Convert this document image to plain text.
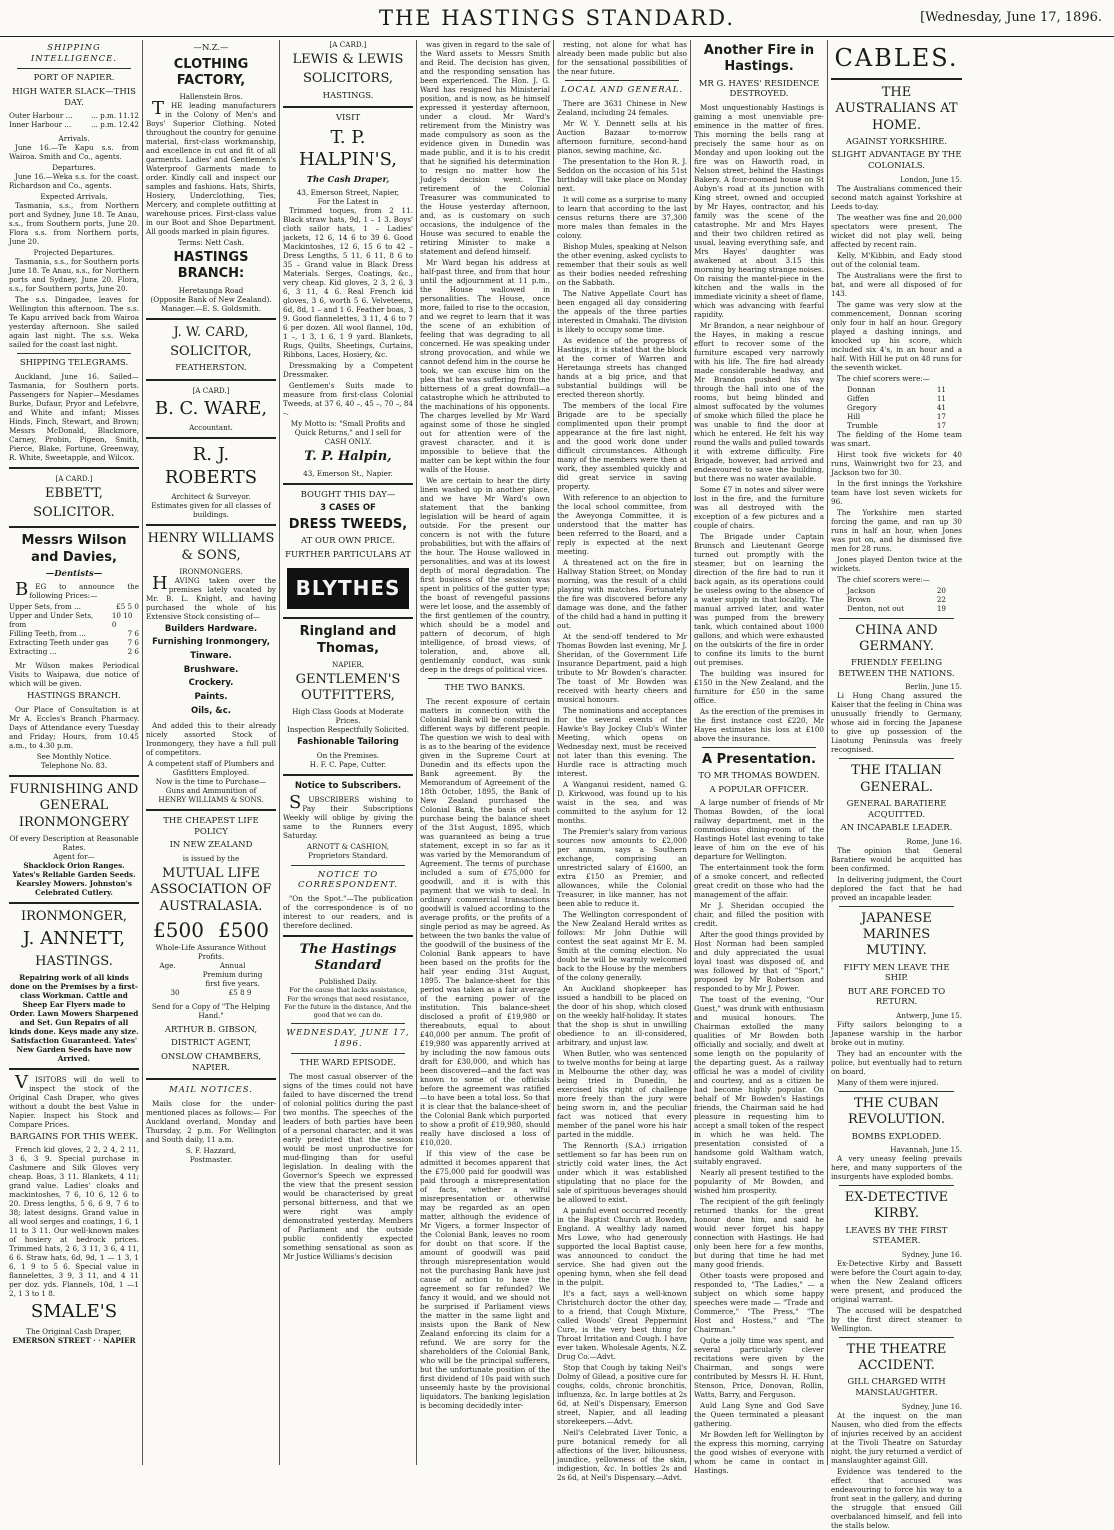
THE HASTINGS STANDARD.	[Wednesday, June 17, 1896.
SHIPPING INTELLIGENCE.
PORT OF NAPIER.
HIGH WATER SLACK—THIS DAY.
Outer Harbour ...	... p.m. 11.12
Inner Harbour ...	... p.m. 12.42
Arrivals.
June 16.—Te Kapu s.s. from Wairoa. Smith and Co., agents.
Departures.
June 16.—Weka s.s. for the coast. Richardson and Co., agents.
Expected Arrivals.
Tasmania, s.s., from Northern port and Sydney, June 18. Te Anau, s.s., from Southern ports, June 20. Flora s.s. from Northern ports, June 20.
Projected Departures.
Tasmania, s.s., for Southern ports June 18. Te Anau, s.s., for Northern ports and Sydney, June 20. Flora, s.s., for Southern ports, June 20.
The s.s. Dingadee, leaves for Wellington this afternoon. The s.s. Te Kapu arrived back from Wairoa yesterday afternoon. She sailed again last night. The s.s. Weka sailed for the coast last night.
SHIPPING TELEGRAMS.
Auckland, June 16. Sailed—Tasmania, for Southern ports. Passengers for Napier—Mesdames Burke, Dufaur, Pryor and Lefebvre, and White and infant; Misses Hinds, Finch, Stewart, and Brown; Messrs McDonald, Blackmore, Carney, Probin, Pigeon, Smith, Pierce, Blake, Fortune, Greenway, R. White, Sweetapple, and Wilcox.
[A CARD.]
EBBETT,
SOLICITOR.
Messrs Wilson and Davies,
—Dentists—
BEG to announce the following Prices:—
Upper Sets, from ...	£5 5 0
Upper and Under Sets, from
10 10 0
Filling Teeth, from ...	7 6
Extracting Teeth under gas	7 6
Extracting ...	2 6
Mr Wilson makes Periodical Visits to Waipawa, due notice of which will be given.
HASTINGS BRANCH.
Our Place of Consultation is at Mr A. Eccles's Branch Pharmacy. Days of Attendance every Tuesday and Friday; Hours, from 10.45 a.m., to 4.30 p.m.
See Monthly Notice.
Telephone No. 83.
FURNISHING AND GENERAL IRONMONGERY
Of every Description at Reasonable Rates.
Agent for—
Shacklock Orion Ranges. Yates's Reliable Garden Seeds. Kearsley Mowers. Johnston's Celebrated Cutlery.
IRONMONGER,
J. ANNETT,
HASTINGS.
Repairing work of all kinds done on the Premises by a first-class Workman. Cattle and Sheep Ear Flyers made to Order. Lawn Mowers Sharpened and Set. Gun Repairs of all kinds done. Keys made any size. Satisfaction Guaranteed. Yates' New Garden Seeds have now Arrived.
VISITORS will do well to inspect the stock of the Original Cash Draper, who gives without a doubt the best Value in Napier. Inspect his Stock and Compare Prices.
BARGAINS FOR THIS WEEK.
French kid gloves, 2 2, 2 4, 2 11, 3 6, 3 9. Special purchase in Cashmere and Silk Gloves very cheap. Boas, 3 11. Blankets, 4 11; grand value. Ladies' cloaks and mackintoshes, 7 6, 10 6, 12 6 to 20. Dress lengths, 5 6, 6 9, 7 6 to 38; latest designs. Grand value in all wool serges and coatings, 1 6, 1 11 to 3 11. Our well-known makes of hosiery at bedrock prices. Trimmed hats, 2 6, 3 11, 3 6, 4 11, 6 6. Straw hats, 6d, 9d, 1 — 1 3, 1 6, 1 9 to 5 6. Special value in flannelettes, 3 9, 3 11, and 4 11 per doz. yds. Flannels, 10d, 1 —1 2, 1 3 to 1 8.
SMALE'S
The Original Cash Draper,
EMERSON STREET · · NAPIER
—N.Z.—
CLOTHING FACTORY,
Hallenstein Bros.
THE leading manufacturers in the Colony of Men's and Boys' Superior Clothing. Noted throughout the country for genuine material, first-class workmanship, and excellence in cut and fit of all garments. Ladies' and Gentlemen's Waterproof Garments made to order. Kindly call and inspect our samples and fashions. Hats, Shirts, Hosiery, Underclothing, Ties, Mercery, and complete outfitting at warehouse prices. First-class value in our Boot and Shoe Department. All goods marked in plain figures.
Terms: Nett Cash.
HASTINGS BRANCH:
Heretaunga Road
(Opposite Bank of New Zealand).
Manager.—E. S. Goldsmith.
J. W. CARD,
SOLICITOR,
FEATHERSTON.
[A CARD.]
B. C. WARE,
Accountant.
R. J. ROBERTS
Architect & Surveyor.
Estimates given for all classes of buildings.
HENRY WILLIAMS & SONS,
IRONMONGERS.
HAVING taken over the premises lately vacated by Mr. B. L. Knight, and having purchased the whole of his Extensive Stock consisting of—
Builders Hardware.
Furnishing Ironmongery,
Tinware.
Brushware.
Crockery.
Paints.
Oils, &c.
And added this to their already nicely assorted Stock of Ironmongery, they have a full pull of competitors.
A competent staff of Plumbers and Gasfitters Employed.
Now is the time to Purchase—
Guns and Ammunition of
HENRY WILLIAMS & SONS.
THE CHEAPEST LIFE POLICY
IN NEW ZEALAND
is issued by the
MUTUAL LIFE ASSOCIATION OF AUSTRALASIA.
£500 £500
Whole-Life Assurance Without Profits.
Age.	Annual Premium during first five years.
30	£5 8 9
Send for a Copy of "The Helping Hand."
ARTHUR B. GIBSON,
DISTRICT AGENT,
ONSLOW CHAMBERS, NAPIER.
MAIL NOTICES.
Mails close for the under-mentioned places as follows:— For Auckland overland, Monday and Thursday, 2 p.m. For Wellington and South daily, 11 a.m.
S. F. Hazzard,
Postmaster.
[A CARD.]
LEWIS & LEWIS
SOLICITORS,
HASTINGS.
VISIT
T. P. HALPIN'S,
The Cash Draper,
43, Emerson Street, Napier,
For the Latest in
Trimmed toques, from 2 11. Black straw hats, 9d, 1 – 1 3. Boys' cloth sailor hats, 1 – Ladies' jackets, 12 6, 14 6 to 39 6. Good Mackintoshes, 12 6, 15 6 to 42 – Dress Lengths, 5 11, 6 11, 8 6 to 35 – Grand value in Black Dress Materials. Serges, Coatings, &c., very cheap. Kid gloves, 2 3, 2 6, 3 6, 3 11, 4 6. Real French kid gloves, 3 6, worth 5 6. Velveteens, 6d, 8d, 1 – and 1 6. Feather boas, 3 9. Good flannelettes, 3 11, 4 6 to 7 6 per dozen. All wool flannel, 10d, 1 –, 1 3, 1 6, 1 9 yard. Blankets, Rugs, Quilts, Sheetings, Curtains, Ribbons, Laces, Hosiery, &c.
Dressmaking by a Competent Dressmaker.
Gentlemen's Suits made to measure from first-class Colonial Tweeds, at 37 6, 40 –, 45 –, 70 –, 84 –.
My Motto is: "Small Profits and Quick Returns," and I sell for CASH ONLY.
T. P. Halpin,
43, Emerson St., Napier.
BOUGHT THIS DAY—
3 CASES OF
DRESS TWEEDS,
AT OUR OWN PRICE.
FURTHER PARTICULARS AT
BLYTHES
Ringland and Thomas,
NAPIER,
GENTLEMEN'S OUTFITTERS,
High Class Goods at Moderate Prices.
Inspection Respectfully Solicited.
Fashionable Tailoring
On the Premises.
H. F. C. Pape, Cutter.
Notice to Subscribers.
SUBSCRIBERS wishing to Pay their Subscriptions Weekly will oblige by giving the same to the Runners every Saturday.
ARNOTT & CASHION,
Proprietors Standard.
NOTICE TO CORRESPONDENT.
"On the Spot."—The publication of the correspondence is of no interest to our readers, and is therefore declined.
The Hastings Standard
Published Daily.
For the cause that lacks assistance, For the wrongs that need resistance, For the future in the distance, And the good that we can do.
WEDNESDAY, JUNE 17, 1896.
THE WARD EPISODE.
The most casual observer of the signs of the times could not have failed to have discerned the trend of colonial politics during the past two months. The speeches of the leaders of both parties have been of a personal character, and it was early predicted that the session would be most unproductive for mud-flinging than for useful legislation. In dealing with the Governor's Speech we expressed the view that the present session would be characterised by great personal bitterness, and that we were right was amply demonstrated yesterday. Members of Parliament and the outside public confidently expected something sensational as soon as Mr Justice Williams's decision
was given in regard to the sale of the Ward assets to Messrs Smith and Reid. The decision has given, and the responding sensation has been experienced. The Hon. J. G. Ward has resigned his Ministerial position, and is now, as he himself expressed it yesterday afternoon, under a cloud. Mr Ward's retirement from the Ministry was made compulsory as soon as the evidence given in Dunedin was made public, and it is to his credit that he signified his determination to resign no matter how the Judge's decision went. The retirement of the Colonial Treasurer was communicated to the House yesterday afternoon, and, as is customary on such occasions, the indulgence of the House was secured to enable the retiring Minister to make a statement and defend himself.
Mr Ward began his address at half-past three, and from that hour until the adjournment at 11 p.m., the House wallowed in personalities. The House, once more, failed to rise to the occasion, and we regret to learn that it was the scene of an exhibition of feeling that was degrading to all concerned. He was speaking under strong provocation, and while we cannot defend him in the course he took, we can excuse him on the plea that he was suffering from the bitterness of a great downfall—a catastrophe which he attributed to the machinations of his opponents. The charges levelled by Mr Ward against some of those he singled out for attention were of the gravest character, and it is impossible to believe that the matter can be kept within the four walls of the House.
We are certain to hear the dirty linen washed up in another place, and we have Mr Ward's own statement that the banking legislation will be heard of again outside. For the present our concern is not with the future probabilities, but with the affairs of the hour. The House wallowed in personalities, and was at its lowest depth of moral degradation. The first business of the session was spent in politics of the gutter type; the boast of revengeful passions were let loose, and the assembly of the first gentlemen of the country, which should be a model and pattern of decorum, of high intelligence, of broad views, of toleration, and, above all, gentlemanly conduct, was sunk deep in the dregs of political vices.
THE TWO BANKS.
The recent exposure of certain matters in connection with the Colonial Bank will be construed in different ways by different people. The question we wish to deal with is as to the bearing of the evidence given in the Supreme Court at Dunedin and its effects upon the Bank agreement. By the Memorandum of Agreement of the 18th October, 1895, the Bank of New Zealand purchased the Colonial Bank, the basis of such purchase being the balance sheet of the 31st August, 1895, which was guaranteed as being a true statement, except in so far as it was varied by the Memorandum of Agreement. The terms of purchase included a sum of £75,000 for goodwill, and it is with this payment that we wish to deal. In ordinary commercial transactions goodwill is valued according to the average profits, or the profits of a single period as may be agreed. As between the two banks the value of the goodwill of the business of the Colonial Bank appears to have been based on the profits for the half year ending 31st August, 1895. The balance-sheet for this period was taken as a fair average of the earning power of the institution. This balance-sheet disclosed a profit of £19,980 or thereabouts, equal to about £40,000 per annum. The profit of £19,980 was apparently arrived at by including the now famous outs draft for £30,000, and which has been discovered—and the fact was known to some of the officials before the agreement was ratified—to have been a total loss. So that it is clear that the balance-sheet of the Colonial Bank which purported to show a profit of £19,980, should really have disclosed a loss of £10,020.
If this view of the case be admitted it becomes apparent that the £75,000 paid for goodwill was paid through a misrepresentation of facts, whether a wilful misrepresentation or otherwise may be regarded as an open matter, although the evidence of Mr Vigers, a former Inspector of the Colonial Bank, leaves no room for doubt on that score. If the amount of goodwill was paid through misrepresentation would not the purchasing Bank have just cause of action to have the agreement so far refunded? We fancy it would, and we should not be surprised if Parliament views the matter in the same light and insists upon the Bank of New Zealand enforcing its claim for a refund. We are sorry for the shareholders of the Colonial Bank, who will be the principal sufferers, but the unfortunate position of the first dividend of 10s paid with such unseemly haste by the provisional liquidators. The banking legislation is becoming decidedly inter-
resting, not alone for what has already been made public but also for the sensational possibilities of the near future.
LOCAL AND GENERAL.
There are 3631 Chinese in New Zealand, including 24 females.
Mr W. Y. Dennett sells at his Auction Bazaar to-morrow afternoon furniture, second-hand pianos, sewing machine, &c.
The presentation to the Hon R. J. Seddon on the occasion of his 51st birthday will take place on Monday next.
It will come as a surprise to many to learn that according to the last census returns there are 37,300 more males than females in the colony.
Bishop Mules, speaking at Nelson the other evening, asked cyclists to remember that their souls as well as their bodies needed refreshing on the Sabbath.
The Native Appellate Court has been engaged all day considering the appeals of the three parties interested in Omahaki. The division is likely to occupy some time.
As evidence of the progress of Hastings, it is stated that the block at the corner of Warren and Heretaunga streets has changed hands at a big price, and that substantial buildings will be erected thereon shortly.
The members of the local Fire Brigade are to be specially complimented upon their prompt appearance at the fire last night, and the good work done under difficult circumstances. Although many of the members were then at work, they assembled quickly and did great service in saving property.
With reference to an objection to the local school committee, from the Aweyonga Committee, it is understood that the matter has been referred to the Board, and a reply is expected at the next meeting.
A threatened act on the fire in Hallway Station Street, on Monday morning, was the result of a child playing with matches. Fortunately the fire was discovered before any damage was done, and the father of the child had a hand in putting it out.
At the send-off tendered to Mr Thomas Bowden last evening, Mr J. Sheridan, of the Government Life Insurance Department, paid a high tribute to Mr Bowden's character. The toast of Mr Bowden was received with hearty cheers and musical honours.
The nominations and acceptances for the several events of the Hawke's Bay Jockey Club's Winter Meeting, which opens on Wednesday next, must be received not later than this evening. The Hurdle race is attracting much interest.
A Wanganui resident, named G. D. Kirkwood, was found up to his waist in the sea, and was committed to the asylum for 12 months.
The Premier's salary from various sources now amounts to £2,000 per annum, says a Southern exchange, comprising an unrestricted salary of £1600, an extra £150 as Premier, and allowances, while the Colonial Treasurer, in like manner, has not been able to reduce it.
The Wellington correspondent of the New Zealand Herald writes as follows: Mr John Duthie will contest the seat against Mr E. M. Smith at the coming election. No doubt he will be warmly welcomed back to the House by the members of the colony generally.
An Auckland shopkeeper has issued a handbill to be placed on the door of his shop, which closed on the weekly half-holiday. It states that the shop is shut in unwilling obedience to an ill-considered, arbitrary, and unjust law.
When Butler, who was sentenced to twelve months for being at large in Melbourne the other day, was being tried in Dunedin, he exercised his right of challenge more freely than the jury were being sworn in, and the peculiar fact was noticed that every member of the panel wore his hair parted in the middle.
The Rennorth (S.A.) irrigation settlement so far has been run on strictly cold water lines, the Act under which it was established stipulating that no place for the sale of spirituous beverages should be allowed to exist.
A painful event occurred recently in the Baptist Church at Bowden, England. A wealthy lady named Mrs Lowe, who had generously supported the local Baptist cause, was announced to conduct the service. She had given out the opening hymn, when she fell dead in the pulpit.
It's a fact, says a well-known Christchurch doctor the other day, to a friend, that Cough Mixture, called Woods' Great Peppermint Cure, is the very best thing for Throat Irritation and Cough. I have ever taken. Wholesale Agents, N.Z. Drug Co.—Advt.
Stop that Cough by taking Neil's Dolmy of Gilead, a positive cure for coughs, colds, chronic bronchitis, influenza, &c. In large bottles at 2s 6d, at Neil's Dispensary, Emerson street, Napier, and all leading storekeepers.—Advt.
Neil's Celebrated Liver Tonic, a pure botanical remedy for all affections of the liver, biliousness, jaundice, yellowness of the skin, indigestion, &c. In bottles 2s and 2s 6d, at Neil's Dispensary.—Advt.
Another Fire in Hastings.
MR G. HAYES' RESIDENCE DESTROYED.
Most unquestionably Hastings is gaining a most unenviable pre-eminence in the matter of fires. This morning the bells rang at precisely the same hour as on Monday and upon looking out the fire was on Haworth road, in Nelson street, behind the Hastings Bakery. A four-roomed house on St Aubyn's road at its junction with King street, owned and occupied by Mr Hayes, contractor, and his family was the scene of the catastrophe. Mr and Mrs Hayes and their two children retired as usual, leaving everything safe, and Mrs Hayes' daughter was awakened at about 3.15 this morning by hearing strange noises. On raising the mantel-piece in the kitchen and the walls in the immediate vicinity a sheet of flame, which was advancing with fearful rapidity.
Mr Brandon, a near neighbour of the Hayes, in making a rescue effort to recover some of the furniture escaped very narrowly with his life. The fire had already made considerable headway, and Mr Brandon pushed his way through the hall into one of the rooms, but being blinded and almost suffocated by the volumes of smoke which filled the place he was unable to find the door at which he entered. He felt his way round the walls and pulled towards it with extreme difficulty. Fire Brigade, however, had arrived and endeavoured to save the building, but there was no water available.
Some £7 in notes and silver were lost in the fire, and the furniture was all destroyed with the exception of a few pictures and a couple of chairs.
The Brigade under Captain Brunsch and Lieutenant George turned out promptly with the steamer, but on learning the direction of the fire had to run it back again, as its operations could be useless owing to the absence of a water supply in that locality. The manual arrived later, and water was pumped from the brewery tank, which contained about 1000 gallons, and which were exhausted on the outskirts of the fire in order to confine its limits to the burnt out premises.
The building was insured for £150 in the New Zealand, and the furniture for £50 in the same office.
As the erection of the premises in the first instance cost £220, Mr Hayes estimates his loss at £100 above the insurance.
A Presentation.
TO MR THOMAS BOWDEN.
A POPULAR OFFICER.
A large number of friends of Mr Thomas Bowden, of the local railway department, met in the commodious dining-room of the Hastings Hotel last evening to take leave of him on the eve of his departure for Wellington.
The entertainment took the form of a smoke concert, and reflected great credit on those who had the management of the affair.
Mr J. Sheridan occupied the chair, and filled the position with credit.
After the good things provided by Host Norman had been sampled and duly appreciated the usual loyal toast was disposed of, and was followed by that of "Sport," proposed by Mr Robertson and responded to by Mr J. Power.
The toast of the evening, "Our Guest," was drunk with enthusiasm and musical honours. The Chairman extolled the many qualities of Mr Bowden both officially and socially, and dwelt at some length on the popularity of the departing guest. As a railway official he was a model of civility and courtesy, and as a citizen he had become highly popular. On behalf of Mr Bowden's Hastings friends, the Chairman said he had pleasure in requesting him to accept a small token of the respect in which he was held. The presentation consisted of a handsome gold Waltham watch, suitably engraved.
Nearly all present testified to the popularity of Mr Bowden, and wished him prosperity.
The recipient of the gift feelingly returned thanks for the great honour done him, and said he would never forget his happy connection with Hastings. He had only been here for a few months, but during that time he had met many good friends.
Other toasts were proposed and responded to, "The Ladies," — a subject on which some happy speeches were made — "Trade and Commerce," "The Press," "The Host and Hostess," and "The Chairman."
Quite a jolly time was spent, and several particularly clever recitations were given by the Chairman, and songs were contributed by Messrs H. H. Hunt, Stenson, Price, Donovan, Rollin, Watts, Barry, and Ferguson.
Auld Lang Syne and God Save the Queen terminated a pleasant gathering.
Mr Bowden left for Wellington by the express this morning, carrying the good wishes of everyone with whom he came in contact in Hastings.
CABLES.
THE AUSTRALIANS AT HOME.
AGAINST YORKSHIRE.
SLIGHT ADVANTAGE BY THE COLONIALS.
London, June 15.
The Australians commenced their second match against Yorkshire at Leeds to-day.
The weather was fine and 20,000 spectators were present. The wicket did not play well, being affected by recent rain.
Kelly, M'Kibbin, and Eady stood out of the colonial team.
The Australians were the first to bat, and were all disposed of for 143.
The game was very slow at the commencement, Donnan scoring only four in half an hour. Gregory played a dashing innings, and knocked up his score, which included six 4's, in an hour and a half. With Hill he put on 48 runs for the seventh wicket.
The chief scorers were:—
Donnan	11
Giffen	11
Gregory	41
Hill	17
Trumble	17
The fielding of the Home team was smart.
Hirst took five wickets for 40 runs, Wainwright two for 23, and Jackson two for 30.
In the first innings the Yorkshire team have lost seven wickets for 96.
The Yorkshire men started forcing the game, and ran up 30 runs in half an hour, when Jones was put on, and he dismissed five men for 28 runs.
Jones played Denton twice at the wickets.
The chief scorers were:—
Jackson	20
Brown	22
Denton, not out	19
CHINA AND GERMANY.
FRIENDLY FEELING BETWEEN THE NATIONS.
Berlin, June 15.
Li Hung Chang assured the Kaiser that the feeling in China was unusually friendly to Germany, whose aid in forcing the Japanese to give up possession of the Liaotung Peninsula was freely recognised.
THE ITALIAN GENERAL.
GENERAL BARATIERE ACQUITTED.
AN INCAPABLE LEADER.
Rome, June 16.
The opinion that General Baratiere would be acquitted has been confirmed.
In delivering judgment, the Court deplored the fact that he had proved an incapable leader.
JAPANESE MARINES MUTINY.
FIFTY MEN LEAVE THE SHIP.
BUT ARE FORCED TO RETURN.
Antwerp, June 15.
Fifty sailors belonging to a Japanese warship in the harbor broke out in mutiny.
They had an encounter with the police, but eventually had to return on board.
Many of them were injured.
THE CUBAN REVOLUTION.
BOMBS EXPLODED.
Havannah, June 15.
A very uneasy feeling prevails here, and many supporters of the insurgents have exploded bombs.
EX-DETECTIVE KIRBY.
LEAVES BY THE FIRST STEAMER.
Sydney, June 16.
Ex-Detective Kirby and Bassett were before the Court again to-day, when the New Zealand officers were present, and produced the original warrant.
The accused will be despatched by the first direct steamer to Wellington.
THE THEATRE ACCIDENT.
GILL CHARGED WITH MANSLAUGHTER.
Sydney, June 16.
At the inquest on the man Nausen, who died from the effects of injuries received by an accident at the Tivoli Theatre on Saturday night, the jury returned a verdict of manslaughter against Gill.
Evidence was tendered to the effect that accused was endeavouring to force his way to a front seat in the gallery, and during the struggle that ensued Gill overbalanced himself, and fell into the stalls below.
